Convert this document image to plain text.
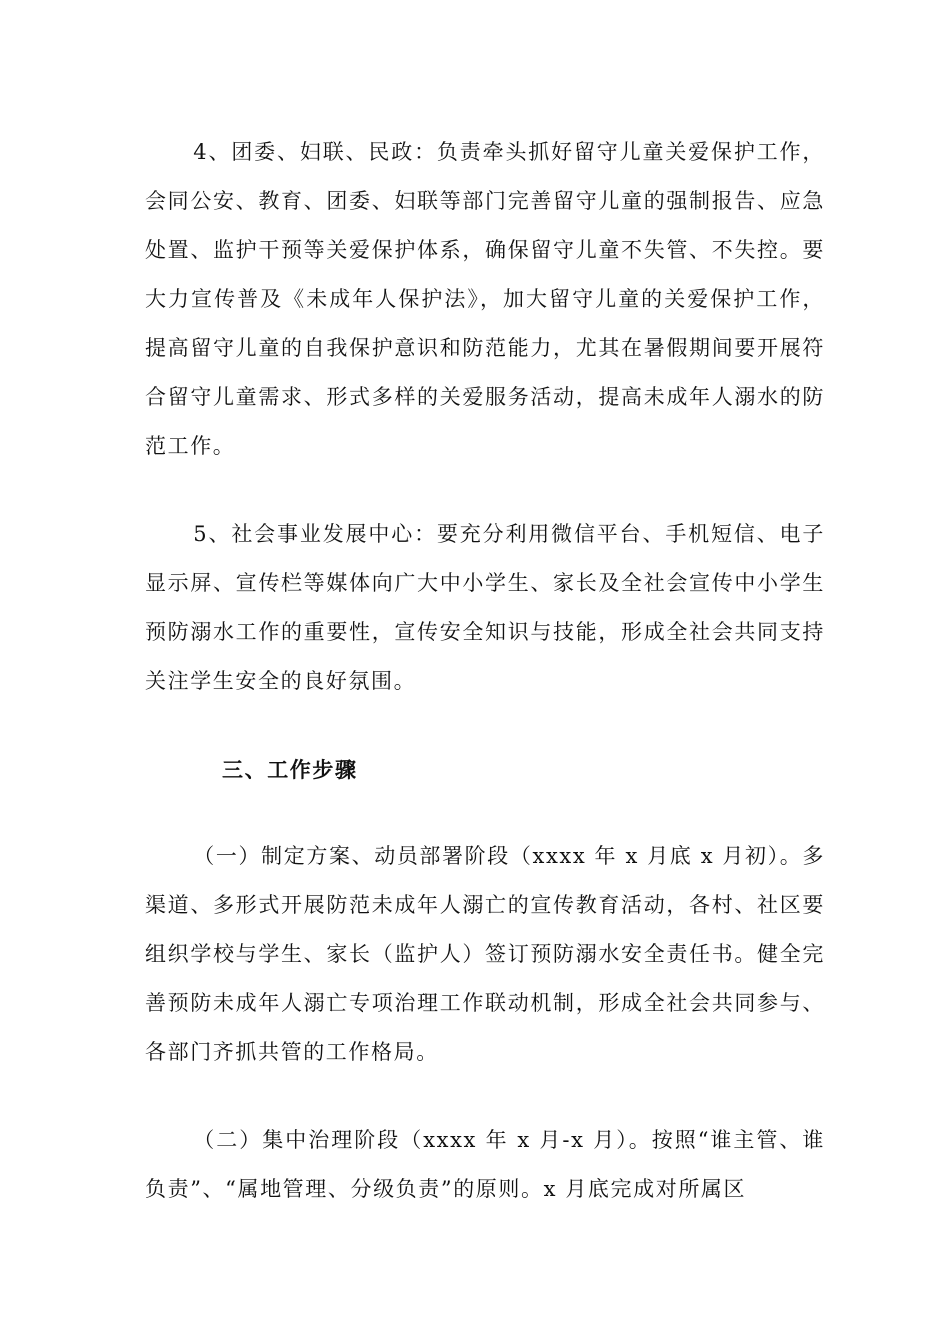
4、团委、妇联、民政：负责牵头抓好留守儿童关爱保护工作，会同公安、教育、团委、妇联等部门完善留守儿童的强制报告、应急处置、监护干预等关爱保护体系，确保留守儿童不失管、不失控。要大力宣传普及《未成年人保护法》，加大留守儿童的关爱保护工作，提高留守儿童的自我保护意识和防范能力，尤其在暑假期间要开展符合留守儿童需求、形式多样的关爱服务活动，提高未成年人溺水的防范工作。

5、社会事业发展中心：要充分利用微信平台、手机短信、电子显示屏、宣传栏等媒体向广大中小学生、家长及全社会宣传中小学生预防溺水工作的重要性，宣传安全知识与技能，形成全社会共同支持关注学生安全的良好氛围。

三、工作步骤

（一）制定方案、动员部署阶段（xxxx 年 x 月底 x 月初）。多渠道、多形式开展防范未成年人溺亡的宣传教育活动，各村、社区要组织学校与学生、家长（监护人）签订预防溺水安全责任书。健全完善预防未成年人溺亡专项治理工作联动机制，形成全社会共同参与、各部门齐抓共管的工作格局。

（二）集中治理阶段（xxxx 年 x 月-x 月）。按照“谁主管、谁负责”、“属地管理、分级负责”的原则。x 月底完成对所属区
